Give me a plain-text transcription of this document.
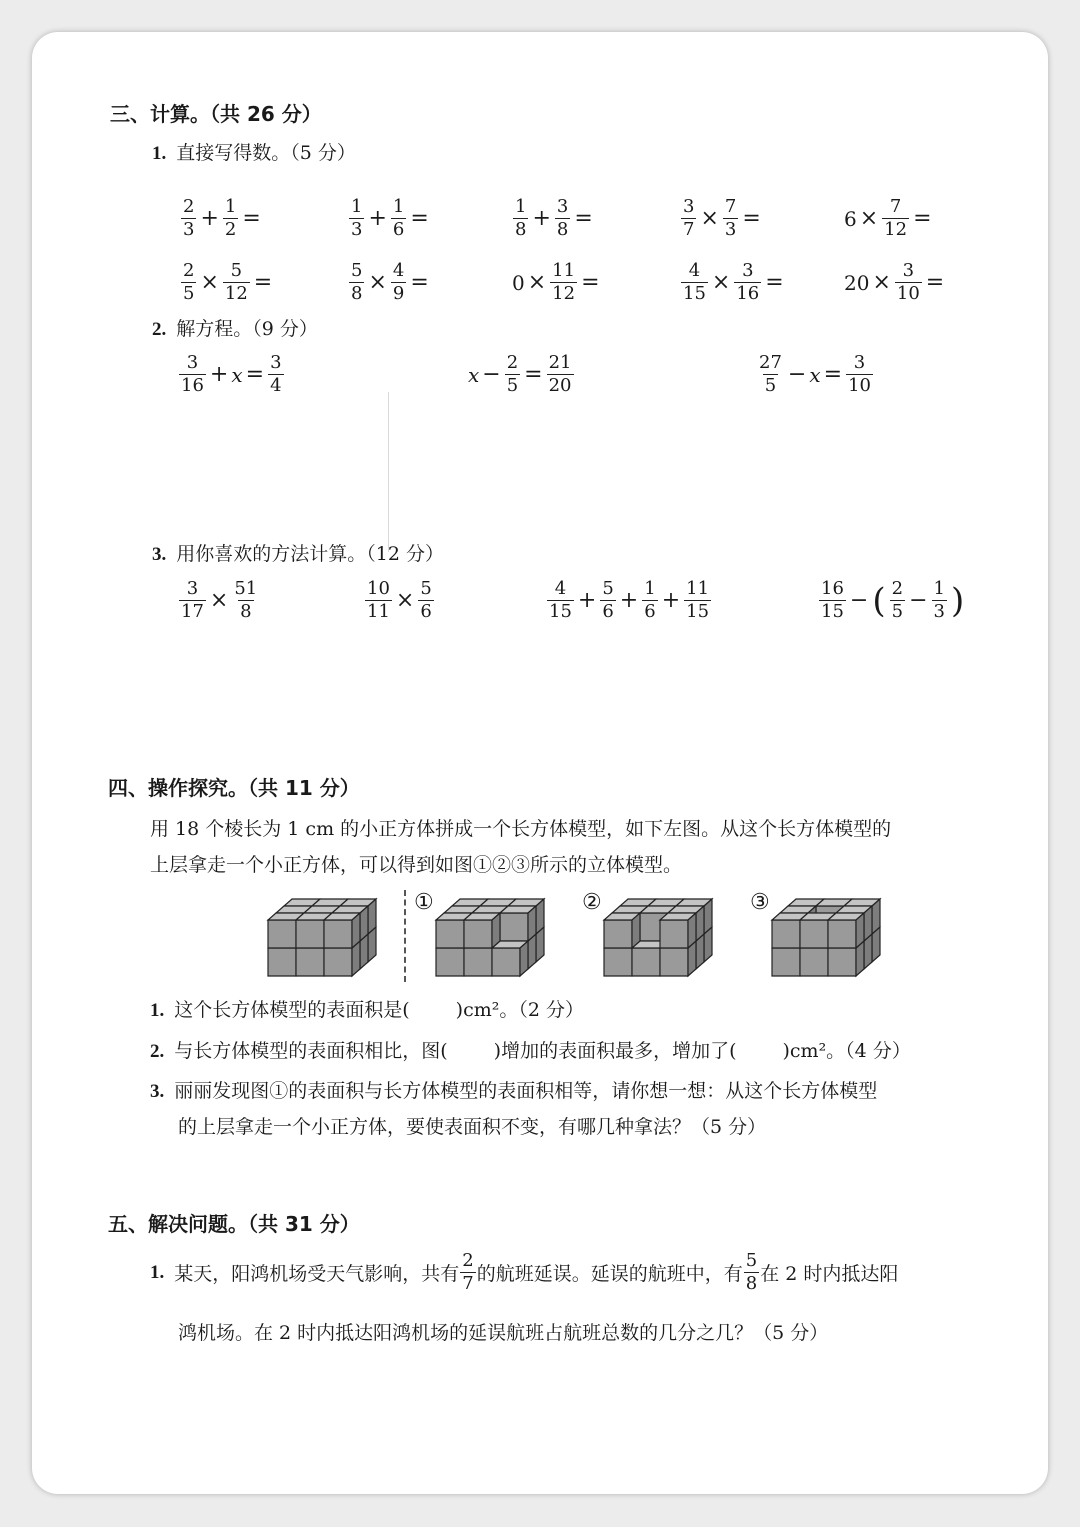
三、计算。（共 26 分）
1. 直接写得数。（5 分）
$\frac{2}{3} + \frac{1}{2}$ =	$\frac{1}{3} + \frac{1}{6}$ =	$\frac{1}{8} + \frac{3}{8}$ =	$\frac{3}{7} \times \frac{7}{3}$ =	$6 \times \frac{7}{12}$ =
$\frac{2}{5} \times \frac{5}{12}$ =	$\frac{5}{8} \times \frac{4}{9}$ =	$0 \times \frac{11}{12}$ =	$\frac{4}{15} \times \frac{3}{16}$ =	$20 \times \frac{3}{10}$ =
2. 解方程。（9 分）
$\frac{3}{16} + x = \frac{3}{4}$	$x - \frac{2}{5} = \frac{21}{20}$	$\frac{27}{5} - x = \frac{3}{10}$
3. 用你喜欢的方法计算。（12 分）
$\frac{3}{17} \times \frac{51}{8}$	$\frac{10}{11} \times \frac{5}{6}$	$\frac{4}{15} + \frac{5}{6} + \frac{1}{6} + \frac{11}{15}$	$\frac{16}{15}$ − ( $\frac{2}{5} - \frac{1}{3}$ )
四、操作探究。（共 11 分）
用 18 个棱长为 1 cm 的小正方体拼成一个长方体模型，如下左图。从这个长方体模型的
上层拿走一个小正方体，可以得到如图①②③所示的立体模型。
①	②	③
1. 这个长方体模型的表面积是( )cm²。（2 分）
2. 与长方体模型的表面积相比，图( )增加的表面积最多，增加了( )cm²。（4 分）
3. 丽丽发现图①的表面积与长方体模型的表面积相等，请你想一想：从这个长方体模型
的上层拿走一个小正方体，要使表面积不变，有哪几种拿法？（5 分）
五、解决问题。（共 31 分）
1. 某天，阳鸿机场受天气影响，共有 $\frac{2}{7}$ 的航班延误。延误的航班中，有 $\frac{5}{8}$ 在 2 时内抵达阳
鸿机场。在 2 时内抵达阳鸿机场的延误航班占航班总数的几分之几？（5 分）
